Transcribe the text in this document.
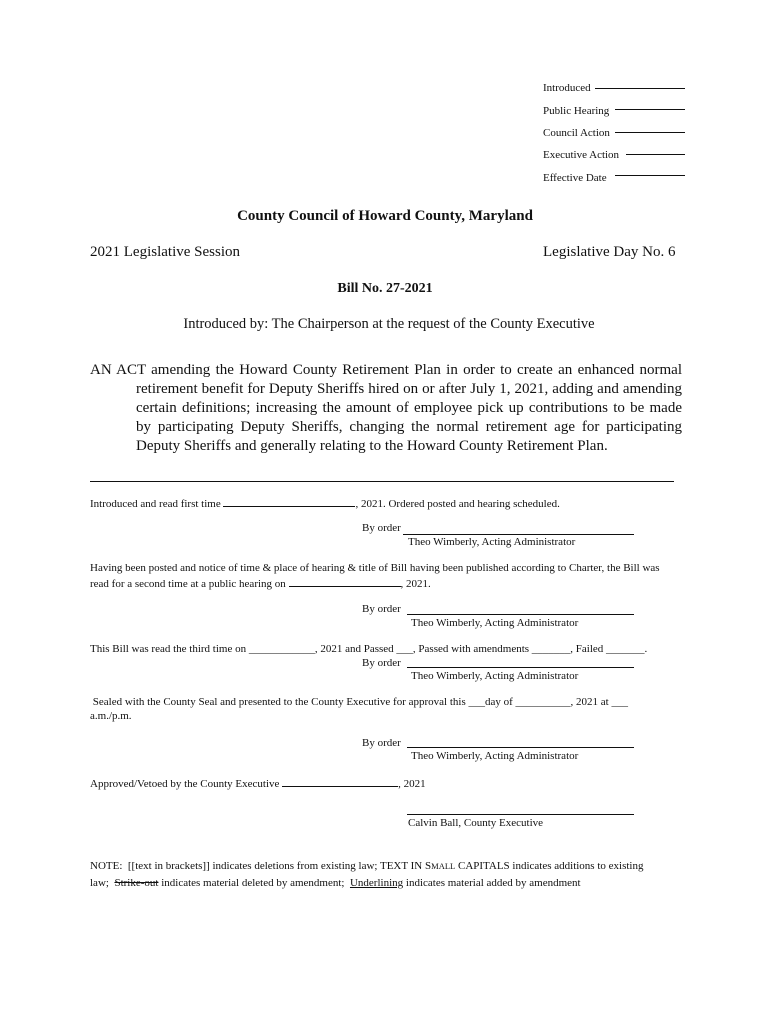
Introduced
Public Hearing
Council Action
Executive Action
Effective Date
County Council of Howard County, Maryland
2021 Legislative Session	Legislative Day No. 6
Bill No. 27-2021
Introduced by: The Chairperson at the request of the County Executive
AN ACT amending the Howard County Retirement Plan in order to create an enhanced normal retirement benefit for Deputy Sheriffs hired on or after July 1, 2021, adding and amending certain definitions; increasing the amount of employee pick up contributions to be made by participating Deputy Sheriffs, changing the normal retirement age for participating Deputy Sheriffs and generally relating to the Howard County Retirement Plan.
Introduced and read first time	, 2021. Ordered posted and hearing scheduled.
By order
Theo Wimberly, Acting Administrator
Having been posted and notice of time & place of hearing & title of Bill having been published according to Charter, the Bill was
read for a second time at a public hearing on	, 2021.
By order
Theo Wimberly, Acting Administrator
This Bill was read the third time on ____________, 2021 and Passed ___, Passed with amendments _______, Failed _______.
By order
Theo Wimberly, Acting Administrator
Sealed with the County Seal and presented to the County Executive for approval this ___day of __________, 2021 at ___
a.m./p.m.
By order
Theo Wimberly, Acting Administrator
Approved/Vetoed by the County Executive	, 2021
Calvin Ball, County Executive
NOTE:  [[text in brackets]] indicates deletions from existing law; TEXT IN SMALL CAPITALS indicates additions to existing
law;  Strike-out indicates material deleted by amendment;  Underlining indicates material added by amendment
